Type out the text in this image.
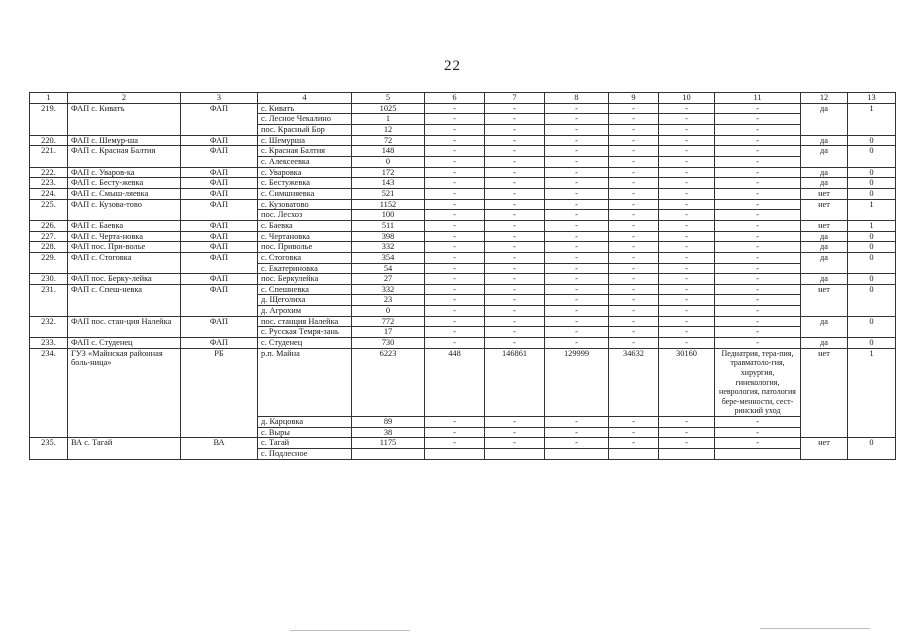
22
1	2	3	4	5	6	7	8	9	10	11	12	13
219.	ФАП с. Киватъ	ФАП	с. Киватъ	1025	-	-	-	-	-	-	да	1
			с. Лесное Чекалино	1	-	-	-	-	-	-		
			пос. Красный Бор	12	-	-	-	-	-	-		
220.	ФАП с. Шемур-ша	ФАП	с. Шемурша	72	-	-	-	-	-	-	да	0
221.	ФАП с. Красная Балтия	ФАП	с. Красная Балтия	148	-	-	-	-	-	-	да	0
			с. Алексеевка	0	-	-	-	-	-	-		
222.	ФАП с. Уваров-ка	ФАП	с. Уваровка	172	-	-	-	-	-	-	да	0
223.	ФАП с. Бесту-жевка	ФАП	с. Бестужевка	143	-	-	-	-	-	-	да	0
224.	ФАП с. Смыш-ляевка	ФАП	с. Симшняевка	521	-	-	-	-	-	-	нет	0
225.	ФАП с. Кузова-тово	ФАП	с. Кузоватово	1152	-	-	-	-	-	-	нет	1
			пос. Лесхоз	100	-	-	-	-	-	-		
226.	ФАП с. Баевка	ФАП	с. Баевка	511	-	-	-	-	-	-	нет	1
227.	ФАП с. Черта-новка	ФАП	с. Чертановка	398	-	-	-	-	-	-	да	0
228.	ФАП пос. При-волье	ФАП	пос. Приволье	332	-	-	-	-	-	-	да	0
229.	ФАП с. Стоговка	ФАП	с. Стоговка	354	-	-	-	-	-	-	да	0
			с. Екатериновка	54	-	-	-	-	-	-		
230.	ФАП пос. Берку-лейка	ФАП	пос. Беркулейка	27	-	-	-	-	-	-	да	0
231.	ФАП с. Спеш-невка	ФАП	с. Спешневка	332	-	-	-	-	-	-	нет	0
			д. Щеголиха	23	-	-	-	-	-	-		
			д. Агрохим	0	-	-	-	-	-	-		
232.	ФАП пос. стан-ция Налейка	ФАП	пос. станция Налейка	772	-	-	-	-	-	-	да	0
			с. Русская Темря-зань	17	-	-	-	-	-	-		
233.	ФАП с. Студенец	ФАП	с. Студенец	730	-	-	-	-	-	-	да	0
234.	ГУЗ «Майнская районная боль-ница»	РБ	р.п. Майна	6223	448	146861	129999	34632	30160	Педиатрия, тера-пия, травматоло-гия, хирургия, гинекология, неврология, патология бере-менности, сест-ринский уход	нет	1
			д. Карцовка	89	-	-	-	-	-	-		
			с. Выры	38	-	-	-	-	-	-		
235.	ВА с. Тагай	ВА	с. Тагай	1175	-	-	-	-	-	-	нет	0
			с. Подлесное									
